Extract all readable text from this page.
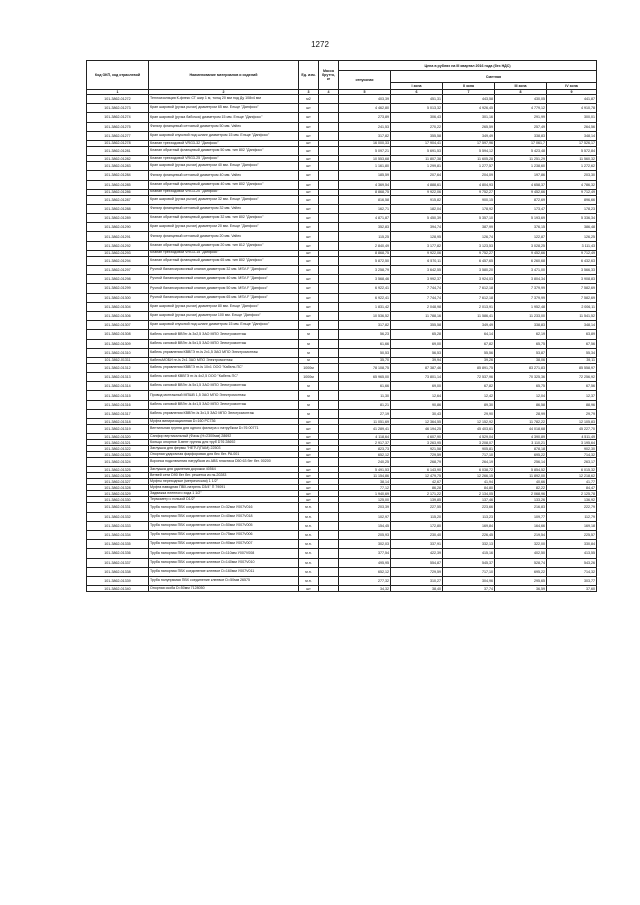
1272
Код ОКП, код отраслевой	Наименование материалов и изделий	Ед. изм.	Масса брутто, кг	Цена в рублях на III квартал 2016 года (без НДС)				
				отпускная	Сметная			
					I зона	II зона	III зона	IV зона
1	2	3	4	5	6	7	8	9
101-3862-01272	Теплоизоляция К-флекс СТ шир 1 м, толщ 20 мм под Ду 108х4 мм	м2		403,39	451,31	443,58	430,05	441,87
101-3862-01273	Кран шаровой (ручка рычаг) диаметром 65 мм. Ельце "Данфосс"	шт		4 462,80	5 013,32	4 926,45	4 779,12	4 910,78
101-3862-01274	Кран шаровой (ручка бабочка) диаметром 15 мм. Ельце "Данфосс"	шт		273,89	306,43	301,16	291,99	300,01
101-3862-01275	Фильтр фланцевый сетчатый диаметром 50 мм. Valtec	шт		241,53	270,22	265,59	257,49	264,56
101-3862-01277	Кран шаровой спускной под шланг диаметром 15 мм. Ельце "Данфосс"	шт		317,82	355,58	349,49	338,83	348,14
101-3862-01278	Клапан трехходовой VRG3-32 "Данфосс"	шт		16 000,33	17 904,41	17 597,96	17 061,7	17 526,17
101-3862-01281	Клапан обратный фланцевый диаметром 50 мм. тип 802 "Данфосс"	шт		5 097,21	5 691,53	5 594,12	5 423,48	5 572,84
101-3862-01282	Клапан трехходовой VRG3-25 "Данфосс"	шт		10 553,68	11 807,38	11 605,28	11 251,29	11 560,32
101-3862-01283	Кран шаровой (ручка рычаг) диаметром 40 мм. Ельце "Данфосс"	шт		1 161,80	1 299,81	1 277,57	1 238,60	1 272,62
101-3862-01284	Фильтр фланцевый сетчатый диаметром 40 мм. Valtec	шт		185,59	207,64	204,09	197,86	203,30
101-3862-01285	Клапан обратный фланцевый диаметром 40 мм. тип 802 "Данфосс"	шт		4 369,54	4 888,61	4 804,93	4 658,37	4 786,32
101-3862-01286	Клапан трехходовой VRG3-20 "Данфосс"	шт		8 868,75	9 922,06	9 752,27	9 452,66	9 712,49
101-3862-01287	Кран шаровой (ручка рычаг) диаметром 32 мм. Ельце "Данфосс"	шт		816,58	915,82	900,15	872,69	896,66
101-3862-01288	Фильтр фланцевый сетчатый диаметром 32 мм. Valtec	шт		162,71	182,04	178,92	173,47	178,23
101-3862-01289	Клапан обратный фланцевый диаметром 32 мм. тип 802 "Данфосс"	шт		4 871,87	5 450,39	5 357,10	5 193,69	5 336,34
101-3862-01290	Кран шаровой (ручка рычаг) диаметром 20 мм. Ельце "Данфосс"	шт		352,83	394,74	387,99	376,15	386,48
101-3862-01291	Фильтр фланцевый сетчатый диаметром 20 мм. Valtec	шт		115,25	128,95	126,74	122,87	126,25
101-3862-01292	Клапан обратный фланцевый диаметром 20 мм. тип 812 "Данфосс"	шт		2 840,49	3 177,82	3 123,53	3 028,25	3 111,43
101-3862-01293	Клапан трехходовой VRG3-15 "Данфосс"	шт		8 868,75	9 922,06	9 752,27	9 452,66	9 712,49
101-3862-01294	Клапан обратный фланцевый диаметром 65 мм. тип 802 "Данфосс"	шт		5 872,50	6 570,11	6 457,65	6 260,68	6 432,63
101-3862-01297	Ручной балансировочный клапан диаметром 32 мм. MSV-F "Данфосс"	шт		3 258,79	3 642,55	3 580,20	3 471,00	3 566,33
101-3862-01298	Ручной балансировочный клапан диаметром 40 мм. MSV-F "Данфосс"	шт		3 568,46	3 992,37	3 924,03	3 804,34	3 908,83
101-3862-01299	Ручной балансировочный клапан диаметром 50 мм. MSV-F "Данфосс"	шт		6 922,41	7 744,74	7 612,18	7 379,99	7 582,69
101-3862-01300	Ручной балансировочный клапан диаметром 65 мм. MSV-F "Данфосс"	шт		6 922,41	7 744,74	7 612,18	7 379,99	7 582,69
101-3862-01304	Кран шаровой (ручка рычаг) диаметром 80 мм. Ельце "Данфосс"	шт		1 831,42	2 048,98	2 013,91	1 952,48	2 006,11
101-3862-01306	Кран шаровой (ручка рычаг) диаметром 100 мм. Ельце "Данфосс"	шт		10 536,52	11 788,16	11 586,41	11 233,00	11 541,52
101-3862-01307	Кран шаровой спускной под шланг диаметром 15 мм. Ельце "Данфосс"	шт		317,82	355,58	349,49	338,83	348,14
101-3862-01308	Кабель силовой ВВГнг-ls 3х2,5 ЗАО МПО Электромонтаж	м		56,23	65,28	64,14	62,19	63,89
101-3862-01309	Кабель силовой ВВГнг-ls 5х1,5 ЗАО МПО Электромонтаж	м		61,66	69,00	67,82	65,75	67,56
101-3862-01310	Кабель управления КВВГЭ нг-ls 2х1,5 ЗАО МПО Электромонтаж	м		50,53	56,53	55,56	53,87	55,34
101-3862-01311	КабельМОБИ нг-ls 2х1 ЗАО МПО Электромонтаж	м		35,70	39,94	39,26	38,06	39,11
101-3862-01312	Кабель управления КВВГЭ нг-ls 10х1 ООО "Кабель ПС"	1000м		78 108,75	87 387,46	85 891,75	83 271,83	85 558,97
101-3862-01313	Кабель силовой КВВГЭ нг-ls 4х2,5 ООО "Кабель ПС"	1000м		65 965,00	73 801,14	72 537,96	70 325,36	72 256,92
101-3862-01314	Кабель силовой ВВГнг-ls 5х1,5 ЗАО МПО Электромонтаж	м		61,66	69,00	67,82	65,75	67,56
101-3862-01315	Провод монтажный МПШВ 1,5 ЗАО МПО Электромонтаж	м		11,30	12,64	12,42	12,04	12,37
101-3862-01316	Кабель силовой ВВГнг-ls 4х1,5 ЗАО МПО Электромонтаж	м		81,21	90,86	89,30	86,58	88,96
101-3862-01317	Кабель управления КВВГнг-ls 3х1,5 ЗАО МПО Электромонтаж	м		27,19	30,43	29,90	28,99	29,79
101-3862-01318	Муфта виниризационная D=160 PC736	шт		11 051,69	12 364,55	12 152,92	11 782,22	12 105,83
101-3862-01319	Вентильная группа для одного фильтра с патрубком D=76 00771	шт		41 289,41	46 194,25	45 403,61	44 018,68	45 227,70
101-3862-01320	Сапфор вертикальный (Фазы (Н=2300мм) 28692	шт		4 118,64	4 607,90	4 529,04	4 390,89	4 511,49
101-3862-01321	Кольцо опорное 5-вент группы для труб D76 28692	шт		2 917,37	3 263,95	3 208,07	3 110,21	3 195,64
101-3862-01322	Заглушка для фермы "НЕТЧ"(ПАМ) 22503	шт		823,73	921,58	905,81	878,18	902,30
101-3862-01323	Опорная ударочная фарфоровая для бес бег. PA.001	шт		652,12	729,59	717,10	695,22	714,32
101-3862-01324	Воронка подключения патрубков из АВБ пластика D50 63 бег бег. 00200	шт		240,25	268,79	264,19	256,14	263,17
101-3862-01325	Заглушка для удаления дорожки 40564	шт		5 491,53	6 143,90	6 038,72	5 854,52	6 015,32
101-3862-01326	Ветвей сети D90 бег бег. решетка из нк-20283	шт		11 154,86	12 479,75	12 266,15	11 892,00	12 218,62
101-3862-01327	Муфты переходные (метрическая) 1 1/2"	шт		38,14	42,67	41,94	40,66	41,77
101-3862-01328	Муфта наводная ПВХ-патрель D3/4" П 79091	шт		77,12	86,28	84,80	82,22	84,47
101-3862-01329	Задвижка пленного хода 1 1/2"	шт		1 940,69	2 171,22	2 134,05	2 068,96	2 125,78
101-3862-01330	Термометр с гильзой D1/2"	шт		125,00	139,85	137,46	133,26	136,92
101-3862-01331	Труба напорная ПВХ соединение клеевое D=32мм У007V016	м.п.		203,39	227,55	223,66	216,83	222,79
101-3862-01332	Труба напорная ПВХ соединение клеевое D=40мм У007V018	м.п.		102,97	115,20	113,23	109,77	112,79
101-3862-01333	Труба напорная ПВХ соединение клеевое D=50мм У007V005	м.п.		154,45	172,80	169,84	164,66	169,18
101-3862-01334	Труба напорная ПВХ соединение клеевое D=75мм У007V006	м.п.		205,93	230,40	226,45	219,54	225,57
101-3862-01335	Труба напорная ПВХ соединение клеевое D=90мм У007V007	м.п.		302,03	337,91	332,13	322,00	330,84
101-3862-01336	Труба напорная ПВХ соединение клеевое D=110мм У007V008	м.п.		377,54	422,39	415,16	402,50	413,55
101-3862-01337	Труба напорная ПВХ соединение клеевое D=140мм У007V010	м.п.		495,95	554,87	545,37	528,74	543,26
101-3862-01338	Труба напорная ПВХ соединение клеевое D=160мм У007V011	м.п.		652,12	729,59	717,10	695,22	714,32
101-3862-01339	Труба полупрямая ПВХ соединение клеевое D=50мм 26575	м.п.		277,32	310,27	304,96	295,65	303,77
101-3862-01340	Опорная скоба D=50мм 7128050	шт		34,32	38,40	37,74	36,59	37,60
